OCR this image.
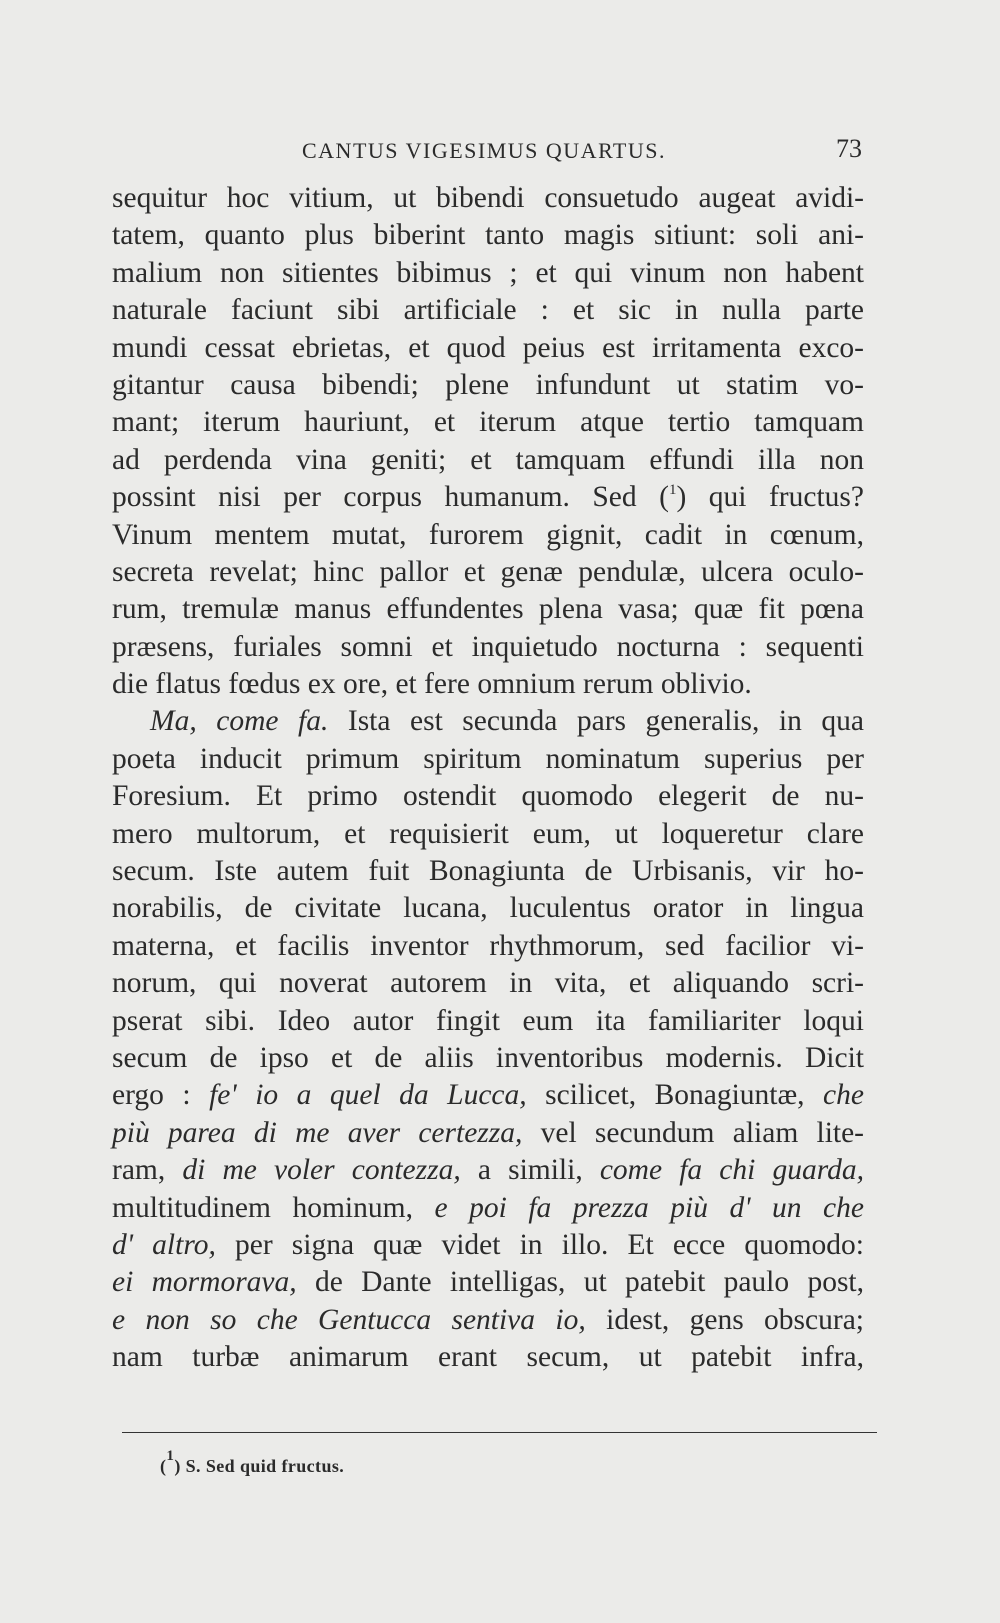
CANTUS VIGESIMUS QUARTUS.	73
sequitur hoc vitium, ut bibendi consuetudo augeat avidi-
tatem, quanto plus biberint tanto magis sitiunt: soli ani-
malium non sitientes bibimus ; et qui vinum non habent
naturale faciunt sibi artificiale : et sic in nulla parte
mundi cessat ebrietas, et quod peius est irritamenta exco-
gitantur causa bibendi; plene infundunt ut statim vo-
mant; iterum hauriunt, et iterum atque tertio tamquam
ad perdenda vina geniti; et tamquam effundi illa non
possint nisi per corpus humanum. Sed ($^1$) qui fructus?
Vinum mentem mutat, furorem gignit, cadit in cœnum,
secreta revelat; hinc pallor et genæ pendulæ, ulcera oculo-
rum, tremulæ manus effundentes plena vasa; quæ fit pœna
præsens, furiales somni et inquietudo nocturna : sequenti
die flatus fœdus ex ore, et fere omnium rerum oblivio.
Ma, come fa. Ista est secunda pars generalis, in qua
poeta inducit primum spiritum nominatum superius per
Foresium. Et primo ostendit quomodo elegerit de nu-
mero multorum, et requisierit eum, ut loqueretur clare
secum. Iste autem fuit Bonagiunta de Urbisanis, vir ho-
norabilis, de civitate lucana, luculentus orator in lingua
materna, et facilis inventor rhythmorum, sed facilior vi-
norum, qui noverat autorem in vita, et aliquando scri-
pserat sibi. Ideo autor fingit eum ita familiariter loqui
secum de ipso et de aliis inventoribus modernis. Dicit
ergo : fe' io a quel da Lucca, scilicet, Bonagiuntæ, che
più parea di me aver certezza, vel secundum aliam lite-
ram, di me voler contezza, a simili, come fa chi guarda,
multitudinem hominum, e poi fa prezza più d' un che
d' altro, per signa quæ videt in illo. Et ecce quomodo:
ei mormorava, de Dante intelligas, ut patebit paulo post,
e non so che Gentucca sentiva io, idest, gens obscura;
nam turbæ animarum erant secum, ut patebit infra,
($^1$) S. Sed quid fructus.
